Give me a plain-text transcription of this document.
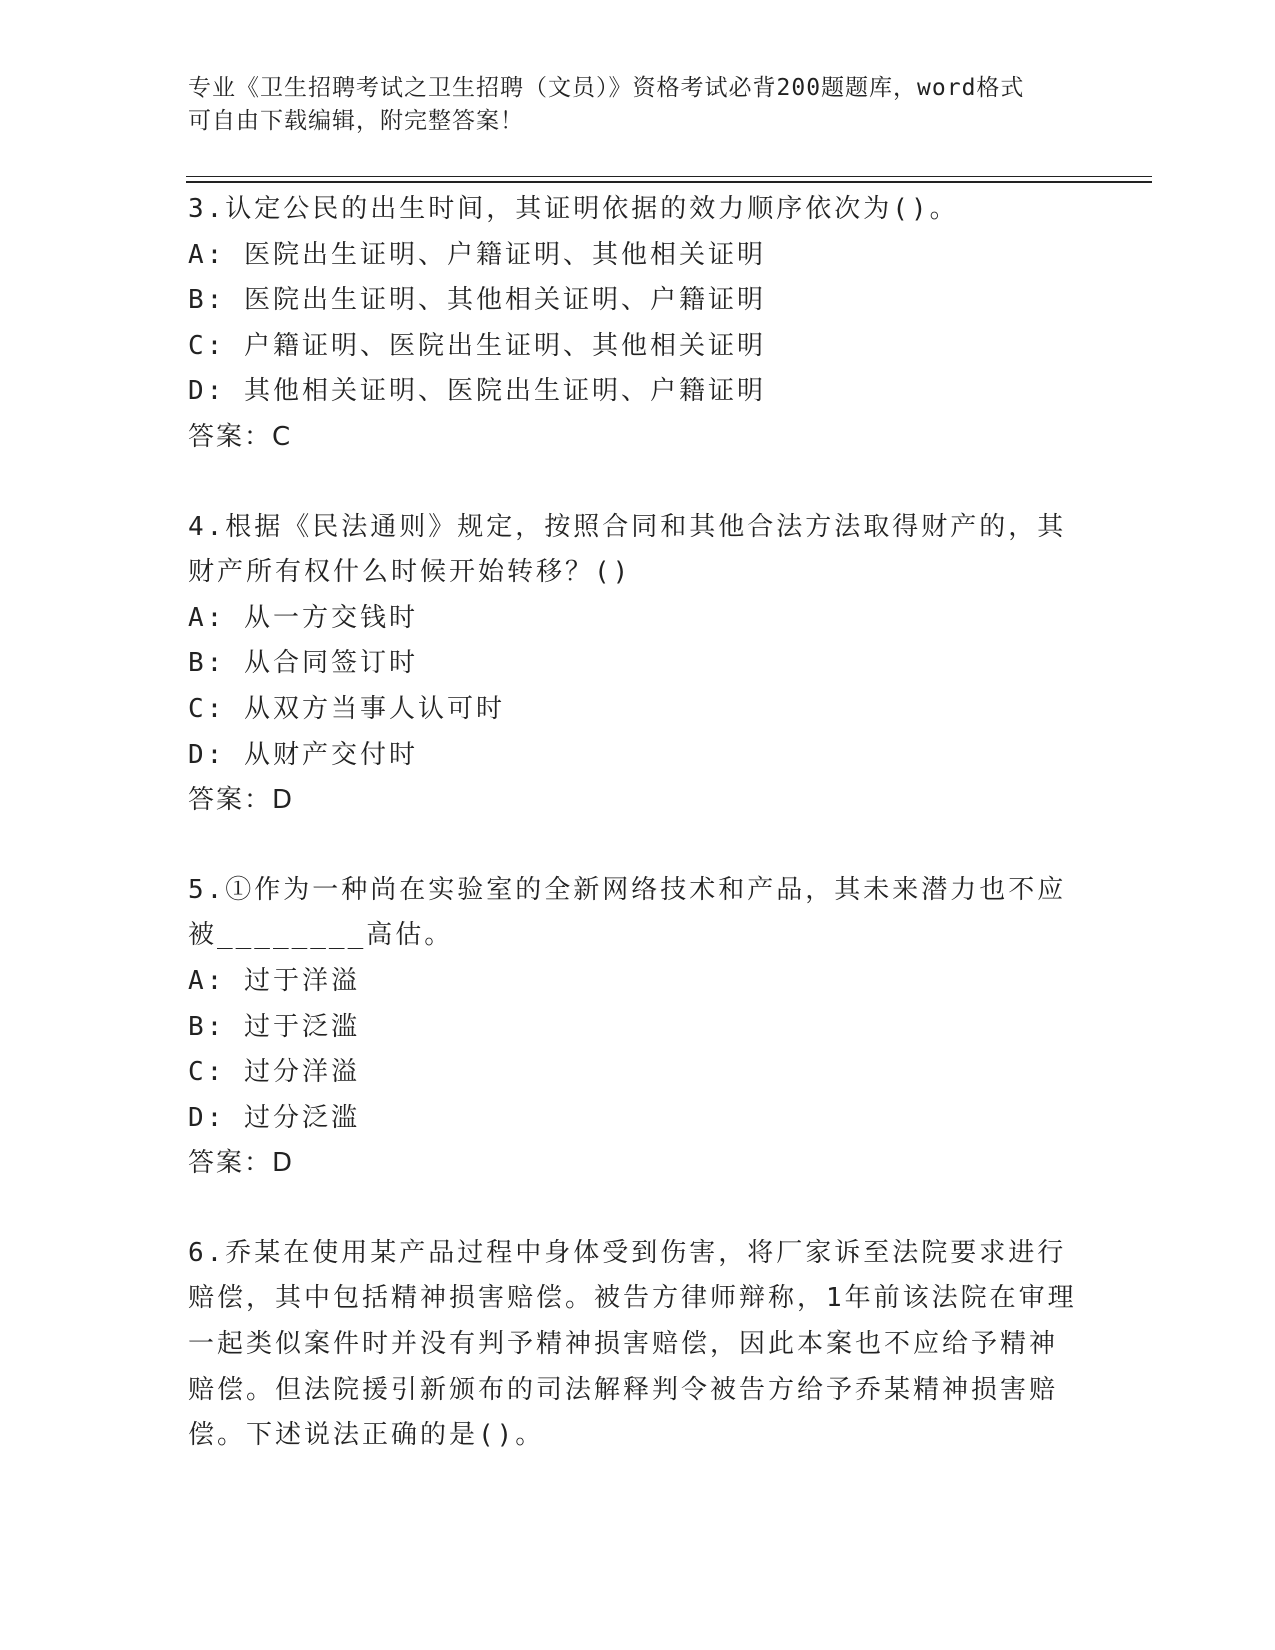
专业《卫生招聘考试之卫生招聘（文员）》资格考试必背200题题库，word格式
可自由下载编辑，附完整答案！
3.认定公民的出生时间，其证明依据的效力顺序依次为()。
A: 医院出生证明、户籍证明、其他相关证明
B: 医院出生证明、其他相关证明、户籍证明
C: 户籍证明、医院出生证明、其他相关证明
D: 其他相关证明、医院出生证明、户籍证明
答案：C
4.根据《民法通则》规定，按照合同和其他合法方法取得财产的，其
财产所有权什么时候开始转移？()
A: 从一方交钱时
B: 从合同签订时
C: 从双方当事人认可时
D: 从财产交付时
答案：D
5.①作为一种尚在实验室的全新网络技术和产品，其未来潜力也不应
被________高估。
A: 过于洋溢
B: 过于泛滥
C: 过分洋溢
D: 过分泛滥
答案：D
6.乔某在使用某产品过程中身体受到伤害，将厂家诉至法院要求进行
赔偿，其中包括精神损害赔偿。被告方律师辩称，1年前该法院在审理
一起类似案件时并没有判予精神损害赔偿，因此本案也不应给予精神
赔偿。但法院援引新颁布的司法解释判令被告方给予乔某精神损害赔
偿。下述说法正确的是()。
